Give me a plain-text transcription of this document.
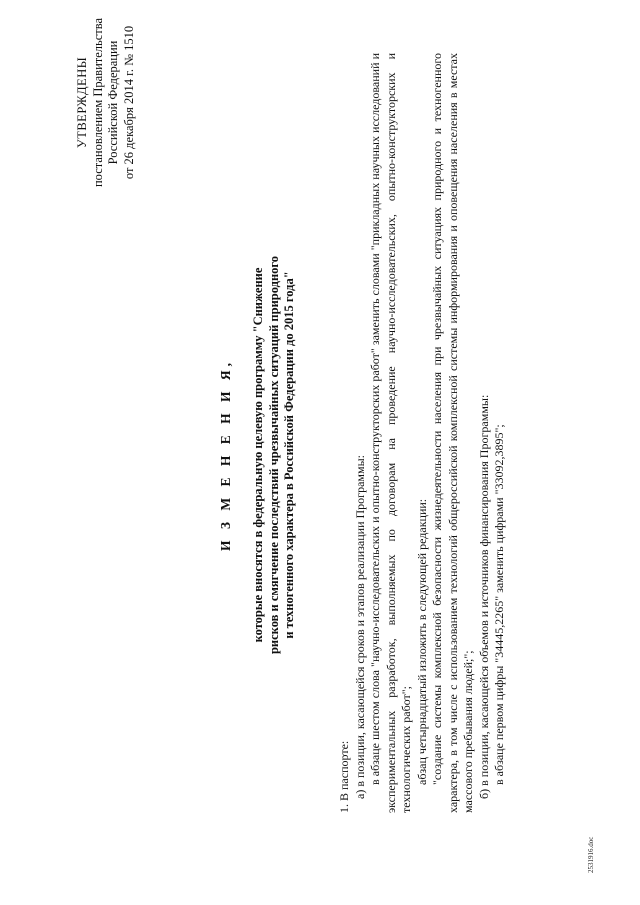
УТВЕРЖДЕНЫ постановлением Правительства Российской Федерации от 26 декабря 2014 г. № 1510
И З М Е Н Е Н И Я, которые вносятся в федеральную целевую программу "Снижение рисков и смягчение последствий чрезвычайных ситуаций природного и техногенного характера в Российской Федерации до 2015 года"

1. В паспорте: а) в позиции, касающейся сроков и этапов реализации Программы: в абзаце шестом слова "научно-исследовательских и опытно-конструкторских работ" заменить словами "прикладных научных исследований и экспериментальных разработок, выполняемых по договорам на проведение научно-исследовательских, опытно-конструкторских и технологических работ"; абзац четырнадцатый изложить в следующей редакции: "создание системы комплексной безопасности жизнедеятельности населения при чрезвычайных ситуациях природного и техногенного характера, в том числе с использованием технологий общероссийской комплексной системы информирования и оповещения населения в местах массового пребывания людей;"; б) в позиции, касающейся объемов и источников финансирования Программы: в абзаце первом цифры "34445,2265" заменить цифрами "33092,3895";

2531916.doc
